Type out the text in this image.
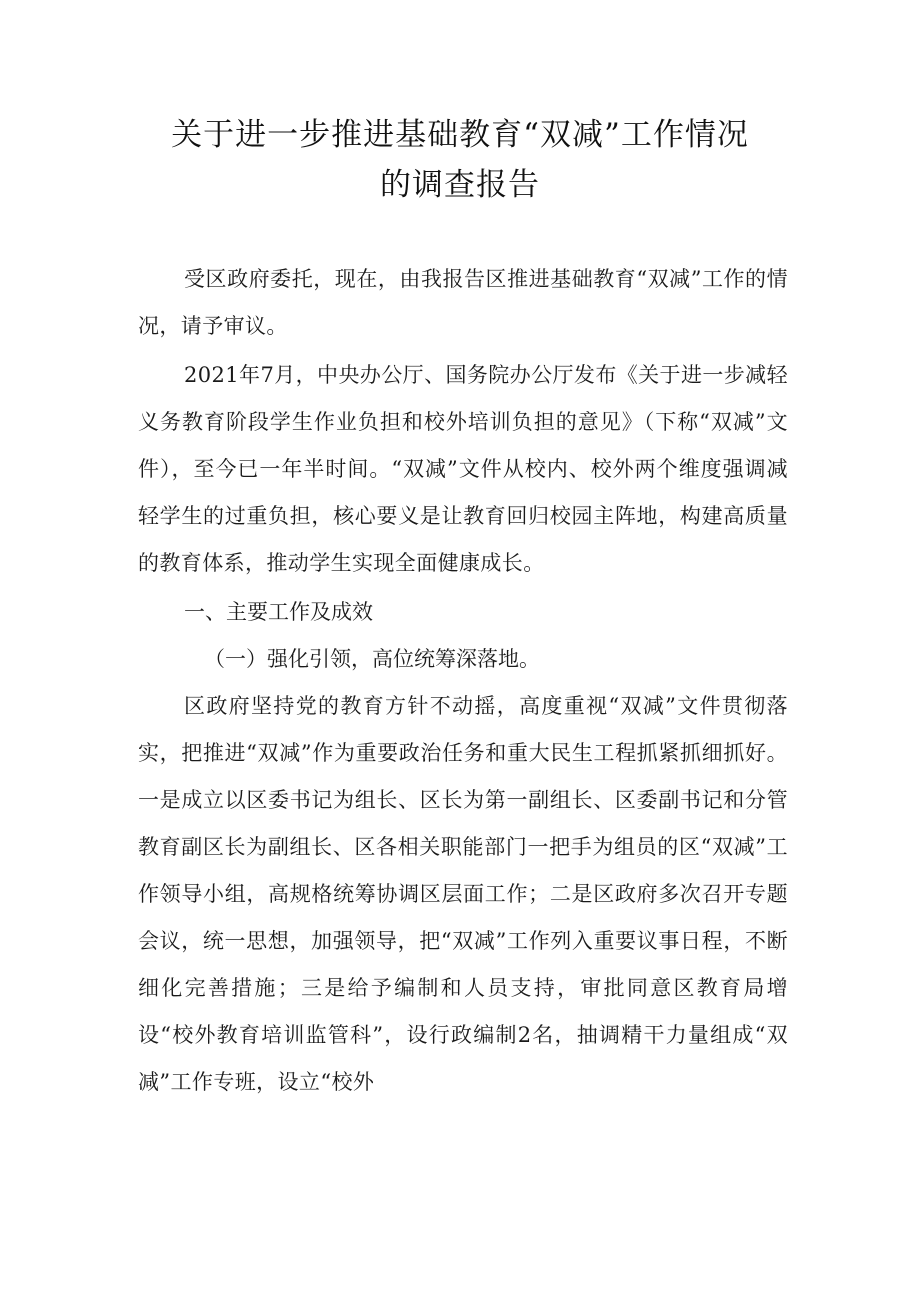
关于进一步推进基础教育“双减”工作情况
的调查报告

受区政府委托，现在，由我报告区推进基础教育“双减”工作的情况，请予审议。

2021年7月，中央办公厅、国务院办公厅发布《关于进一步减轻义务教育阶段学生作业负担和校外培训负担的意见》（下称“双减”文件），至今已一年半时间。“双减”文件从校内、校外两个维度强调减轻学生的过重负担，核心要义是让教育回归校园主阵地，构建高质量的教育体系，推动学生实现全面健康成长。

一、主要工作及成效

（一）强化引领，高位统筹深落地。

区政府坚持党的教育方针不动摇，高度重视“双减”文件贯彻落实，把推进“双减”作为重要政治任务和重大民生工程抓紧抓细抓好。一是成立以区委书记为组长、区长为第一副组长、区委副书记和分管教育副区长为副组长、区各相关职能部门一把手为组员的区“双减”工作领导小组，高规格统筹协调区层面工作；二是区政府多次召开专题会议，统一思想，加强领导，把“双减”工作列入重要议事日程，不断细化完善措施；三是给予编制和人员支持，审批同意区教育局增设“校外教育培训监管科”，设行政编制2名，抽调精干力量组成“双减”工作专班，设立“校外
